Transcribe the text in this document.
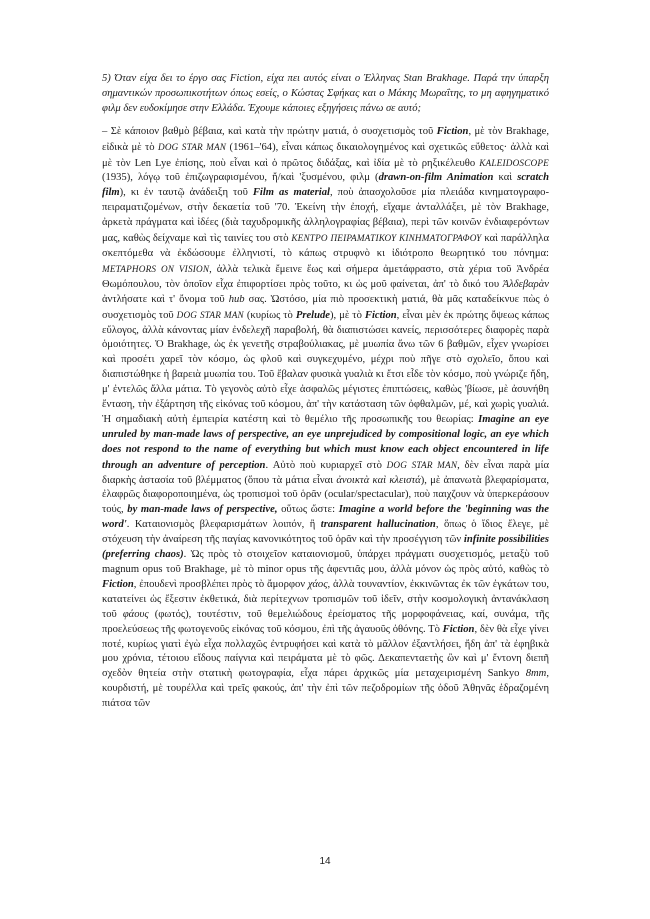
5) Όταν είχα δει το έργο σας Fiction, είχα πει αυτός είναι ο Έλληνας Stan Brakhage. Παρά την ύπαρξη σημαντικών προσωπικοτήτων όπως εσείς, ο Κώστας Σφήκας και ο Μάκης Μωραΐτης, το μη αφηγηματικό φιλμ δεν ευδοκίμησε στην Ελλάδα. Έχουμε κάποιες εξηγήσεις πάνω σε αυτό;

– Σὲ κάποιον βαθμὸ βέβαια, καὶ κατὰ τὴν πρώτην ματιά, ὁ συσχετισμὸς τοῦ Fiction, μὲ τὸν Brakhage, εἰδικὰ μὲ τὸ DOG STAR MAN (1961–'64), εἶναι κάπως δικαιολογημένος καὶ σχετικῶς εὔθετος· ἀλλὰ καὶ μὲ τὸν Len Lye ἐπίσης, ποὺ εἶναι καὶ ὁ πρῶτος διδάξας, καὶ ἰδία μὲ τὸ ρηξικέλευθο KALEIDOSCOPE (1935), λόγῳ τοῦ ἐπιζωγραφισμένου, ἤ/καὶ 'ξυσμένου, φιλμ (drawn-on-film Animation καὶ scratch film), κι ἐν ταυτῷ ἀνάδειξη τοῦ Film as material, ποὺ ἀπασχολοῦσε μία πλειάδα κινηματογραφο-πειραματιζομένων, στὴν δεκαετία τοῦ '70. Ἐκείνη τὴν ἐποχή, εἴχαμε ἀνταλλάξει, μὲ τὸν Brakhage, ἀρκετὰ πράγματα καὶ ἰδέες (διὰ ταχυδρομικῆς ἀλληλογραφίας βέβαια), περὶ τῶν κοινῶν ἐνδιαφερόντων μας, καθὼς δείχναμε καὶ τὶς ταινίες του στὸ ΚΕΝΤΡΟ ΠΕΙΡΑΜΑΤΙΚΟΥ ΚΙΝΗΜΑΤΟΓΡΑΦΟΥ καὶ παράλληλα σκεπτόμεθα νὰ ἐκδώσουμε ἐλληνιστί, τὸ κάπως στρυφνὸ κι ἰδιότροπο θεωρητικό του πόνημα: METAPHORS ON VISION, ἀλλὰ τελικὰ ἔμεινε ἕως καὶ σήμερα ἀμετάφραστο, στὰ χέρια τοῦ Ἀνδρέα Θωμόπουλου, τὸν ὁποῖον εἶχα ἐπιφορτίσει πρὸς τοῦτο, κι ὡς μοῦ φαίνεται, ἀπ' τὸ δικό του Ἀλδεβαρὰν ἀντλήσατε καὶ τ' ὄνομα τοῦ hub σας. Ὡστόσο, μία πιὸ προσεκτικὴ ματιά, θὰ μᾶς καταδείκνυε πὼς ὁ συσχετισμὸς τοῦ DOG STAR MAN (κυρίως τὸ Prelude), μὲ τὸ Fiction, εἶναι μὲν ἐκ πρώτης ὄψεως κάπως εὔλογος, ἀλλὰ κάνοντας μίαν ἐνδελεχῆ παραβολή, θὰ διαπιστώσει κανείς, περισσότερες διαφορὲς παρὰ ὁμοιότητες. Ὁ Brakhage, ὡς ἐκ γενετῆς στραβούλιακας, μὲ μυωπία ἄνω τῶν 6 βαθμῶν, εἶχεν γνωρίσει καὶ προσέτι χαρεῖ τὸν κόσμο, ὡς φλοῦ καὶ συγκεχυμένο, μέχρι ποὺ πῆγε στὸ σχολεῖο, ὅπου καὶ διαπιστώθηκε ἡ βαρειὰ μυωπία του. Τοῦ ἔβαλαν φυσικὰ γυαλιὰ κι ἔτσι εἶδε τὸν κόσμο, ποὺ γνώριζε ἤδη, μ' ἐντελῶς ἄλλα μάτια. Τὸ γεγονὸς αὐτὸ εἶχε ἀσφαλῶς μέγιστες ἐπιπτώσεις, καθὼς 'βίωσε, μὲ ἀσυνήθη ἔνταση, τὴν ἐξάρτηση τῆς εἰκόνας τοῦ κόσμου, ἀπ' τὴν κατάσταση τῶν ὀφθαλμῶν, μέ, καὶ χωρὶς γυαλιά. Ἡ σημαδιακὴ αὐτὴ ἐμπειρία κατέστη καὶ τὸ θεμέλιο τῆς προσωπικῆς του θεωρίας: Imagine an eye unruled by man-made laws of perspective, an eye unprejudiced by compositional logic, an eye which does not respond to the name of everything but which must know each object encountered in life through an adventure of perception. Αὐτὸ ποὺ κυριαρχεῖ στὸ DOG STAR MAN, δὲν εἶναι παρὰ μία διαρκὴς ἀστασία τοῦ βλέμματος (ὅπου τὰ μάτια εἶναι ἀνοικτὰ καὶ κλειστά), μὲ ἀπανωτὰ βλεφαρίσματα, ἐλαφρῶς διαφοροποιημένα, ὡς τροπισμοὶ τοῦ ὁρᾶν (ocular/spectacular), ποὺ παιχζουν νὰ ὑπερκεράσουν τούς, by man-made laws of perspective, οὕτως ὥστε: Imagine a world before the 'beginning was the word'. Καταιονισμὸς βλεφαρισμάτων λοιπόν, ἢ transparent hallucination, ὅπως ὁ ἴδιος ἔλεγε, μὲ στόχευση τὴν ἀναίρεση τῆς παγίας κανονικότητος τοῦ ὁρᾶν καὶ τὴν προσέγγιση τῶν infinite possibilities (preferring chaos). Ὡς πρὸς τὸ στοιχεῖον καταιονισμοῦ, ὑπάρχει πράγματι συσχετισμός, μεταξὺ τοῦ magnum opus τοῦ Brakhage, μὲ τὸ minor opus τῆς ἀφεντιᾶς μου, ἀλλὰ μόνον ὡς πρὸς αὐτό, καθὼς τὸ Fiction, ἐπουδενὶ προσβλέπει πρὸς τὸ ἄμορφον χάος, ἀλλὰ τουναντίον, ἐκκινῶντας ἐκ τῶν ἐγκάτων του, κατατείνει ὡς ἔξεστιν ἐκθετικά, διὰ περίτεχνων τροπισμῶν τοῦ ἰδεῖν, στὴν κοσμολογικὴ ἀντανάκλαση τοῦ φάους (φωτός), τουτέστιν, τοῦ θεμελιώδους ἐρείσματος τῆς μορφοφάνειας, καί, συνάμα, τῆς προελεύσεως τῆς φωτογενοῦς εἰκόνας τοῦ κόσμου, ἐπὶ τῆς ἀγαυοῦς ὀθόνης. Τὸ Fiction, δὲν θὰ εἶχε γίνει ποτέ, κυρίως γιατὶ ἐγὼ εἶχα πολλαχῶς ἐντρυφήσει καὶ κατὰ τὸ μᾶλλον ἐξαντλήσει, ἤδη ἀπ' τὰ ἐφηβικὰ μου χρόνια, τέτοιου εἴδους παίγνια καὶ πειράματα μὲ τὸ φῶς. Δεκαπενταετὴς ὢν καὶ μ' ἔντονη διεπῆ σχεδὸν θητεία στὴν στατικὴ φωτογραφία, εἶχα πάρει ἀρχικῶς μία μεταχειρισμένη Sankyo 8mm, κουρδιστή, μὲ τουρέλλα καὶ τρεῖς φακούς, ἀπ' τὴν ἐπὶ τῶν πεζοδρομίων τῆς ὁδοῦ Ἀθηνᾶς ἑδραζομένη πιάτσα τῶν

14
